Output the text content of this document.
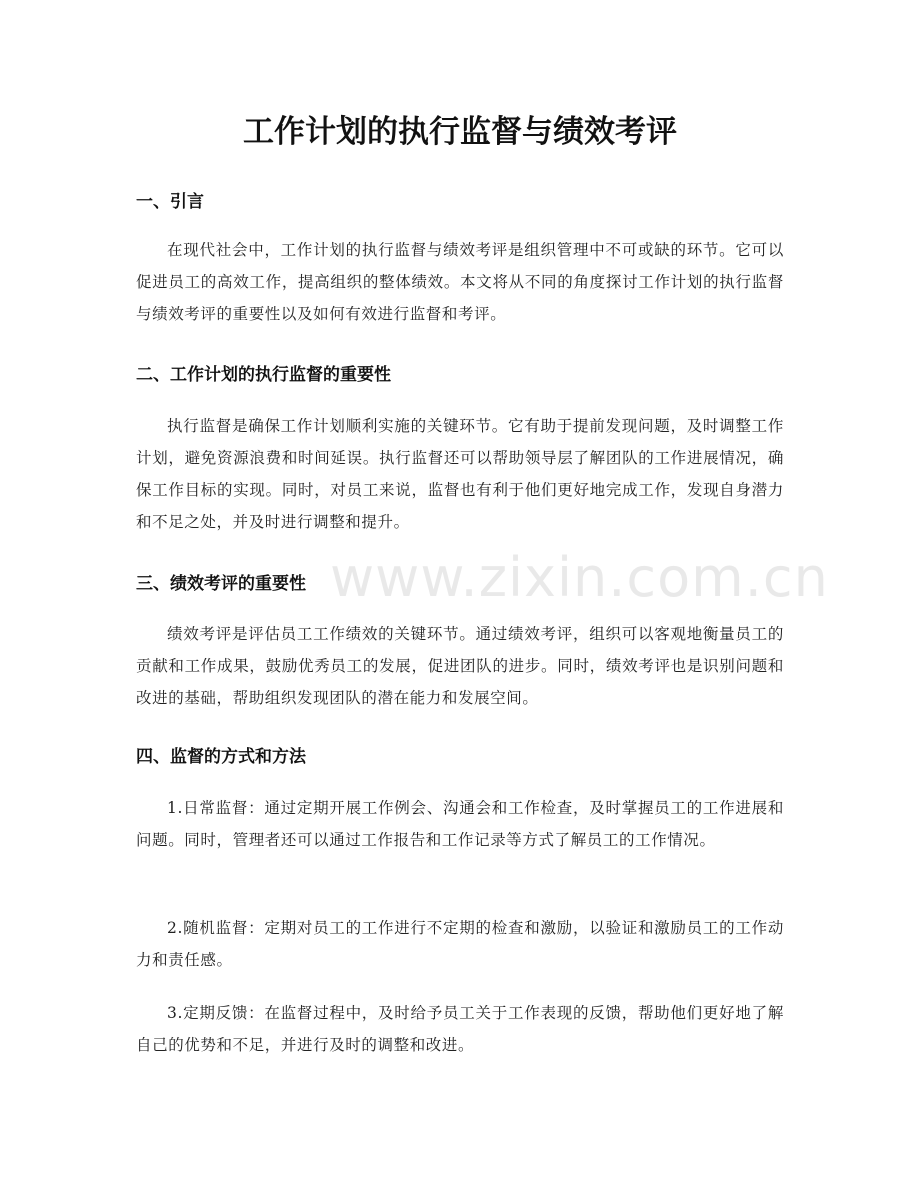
工作计划的执行监督与绩效考评
一、引言

在现代社会中，工作计划的执行监督与绩效考评是组织管理中不可或缺的环节。它可以促进员工的高效工作，提高组织的整体绩效。本文将从不同的角度探讨工作计划的执行监督与绩效考评的重要性以及如何有效进行监督和考评。

二、工作计划的执行监督的重要性

执行监督是确保工作计划顺利实施的关键环节。它有助于提前发现问题，及时调整工作计划，避免资源浪费和时间延误。执行监督还可以帮助领导层了解团队的工作进展情况，确保工作目标的实现。同时，对员工来说，监督也有利于他们更好地完成工作，发现自身潜力和不足之处，并及时进行调整和提升。

三、绩效考评的重要性

绩效考评是评估员工工作绩效的关键环节。通过绩效考评，组织可以客观地衡量员工的贡献和工作成果，鼓励优秀员工的发展，促进团队的进步。同时，绩效考评也是识别问题和改进的基础，帮助组织发现团队的潜在能力和发展空间。

四、监督的方式和方法

1.日常监督：通过定期开展工作例会、沟通会和工作检查，及时掌握员工的工作进展和问题。同时，管理者还可以通过工作报告和工作记录等方式了解员工的工作情况。

2.随机监督：定期对员工的工作进行不定期的检查和激励，以验证和激励员工的工作动力和责任感。

3.定期反馈：在监督过程中，及时给予员工关于工作表现的反馈，帮助他们更好地了解自己的优势和不足，并进行及时的调整和改进。

www.zixin.com.cn
